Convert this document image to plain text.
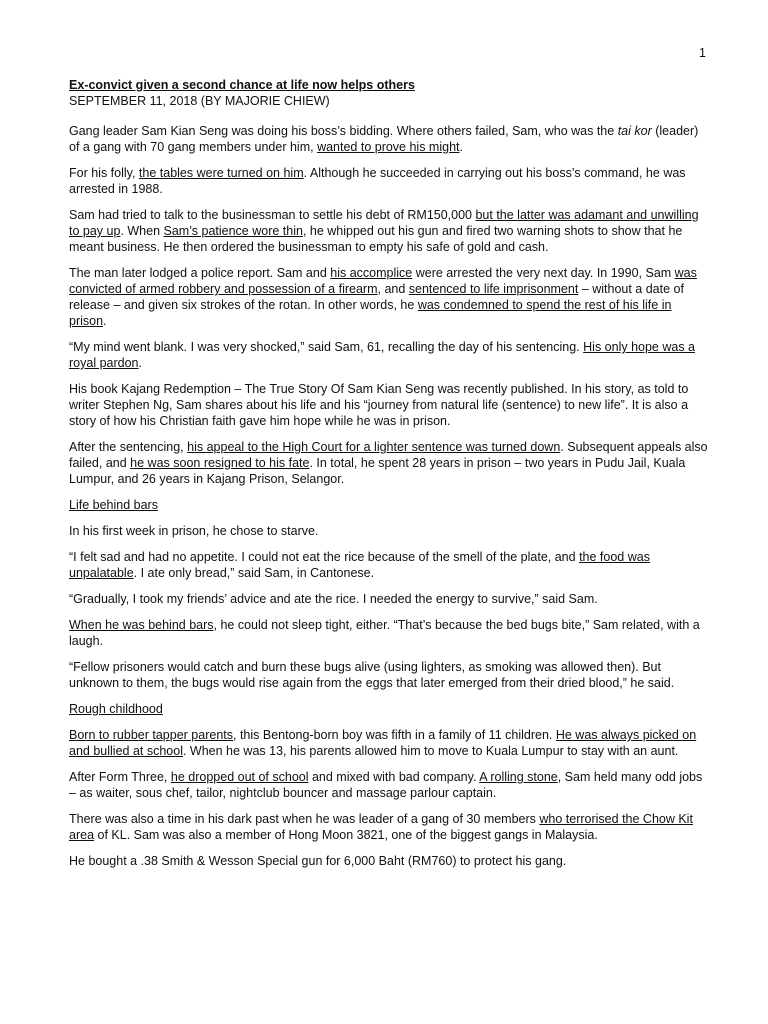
1
Ex-convict given a second chance at life now helps others
SEPTEMBER 11, 2018 (BY MAJORIE CHIEW)

Gang leader Sam Kian Seng was doing his boss’s bidding. Where others failed, Sam, who was the tai kor (leader) of a gang with 70 gang members under him, wanted to prove his might.

For his folly, the tables were turned on him. Although he succeeded in carrying out his boss’s command, he was arrested in 1988.

Sam had tried to talk to the businessman to settle his debt of RM150,000 but the latter was adamant and unwilling to pay up. When Sam’s patience wore thin, he whipped out his gun and fired two warning shots to show that he meant business. He then ordered the businessman to empty his safe of gold and cash.

The man later lodged a police report. Sam and his accomplice were arrested the very next day. In 1990, Sam was convicted of armed robbery and possession of a firearm, and sentenced to life imprisonment – without a date of release – and given six strokes of the rotan. In other words, he was condemned to spend the rest of his life in prison.

“My mind went blank. I was very shocked,” said Sam, 61, recalling the day of his sentencing. His only hope was a royal pardon.

His book Kajang Redemption – The True Story Of Sam Kian Seng was recently published. In his story, as told to writer Stephen Ng, Sam shares about his life and his “journey from natural life (sentence) to new life”. It is also a story of how his Christian faith gave him hope while he was in prison.

After the sentencing, his appeal to the High Court for a lighter sentence was turned down. Subsequent appeals also failed, and he was soon resigned to his fate. In total, he spent 28 years in prison – two years in Pudu Jail, Kuala Lumpur, and 26 years in Kajang Prison, Selangor.

Life behind bars

In his first week in prison, he chose to starve.

“I felt sad and had no appetite. I could not eat the rice because of the smell of the plate, and the food was unpalatable. I ate only bread,” said Sam, in Cantonese.

“Gradually, I took my friends’ advice and ate the rice. I needed the energy to survive,” said Sam.

When he was behind bars, he could not sleep tight, either. “That’s because the bed bugs bite,” Sam related, with a laugh.

“Fellow prisoners would catch and burn these bugs alive (using lighters, as smoking was allowed then). But unknown to them, the bugs would rise again from the eggs that later emerged from their dried blood,” he said.

Rough childhood

Born to rubber tapper parents, this Bentong-born boy was fifth in a family of 11 children. He was always picked on and bullied at school. When he was 13, his parents allowed him to move to Kuala Lumpur to stay with an aunt.

After Form Three, he dropped out of school and mixed with bad company. A rolling stone, Sam held many odd jobs – as waiter, sous chef, tailor, nightclub bouncer and massage parlour captain.

There was also a time in his dark past when he was leader of a gang of 30 members who terrorised the Chow Kit area of KL. Sam was also a member of Hong Moon 3821, one of the biggest gangs in Malaysia.

He bought a .38 Smith & Wesson Special gun for 6,000 Baht (RM760) to protect his gang.
